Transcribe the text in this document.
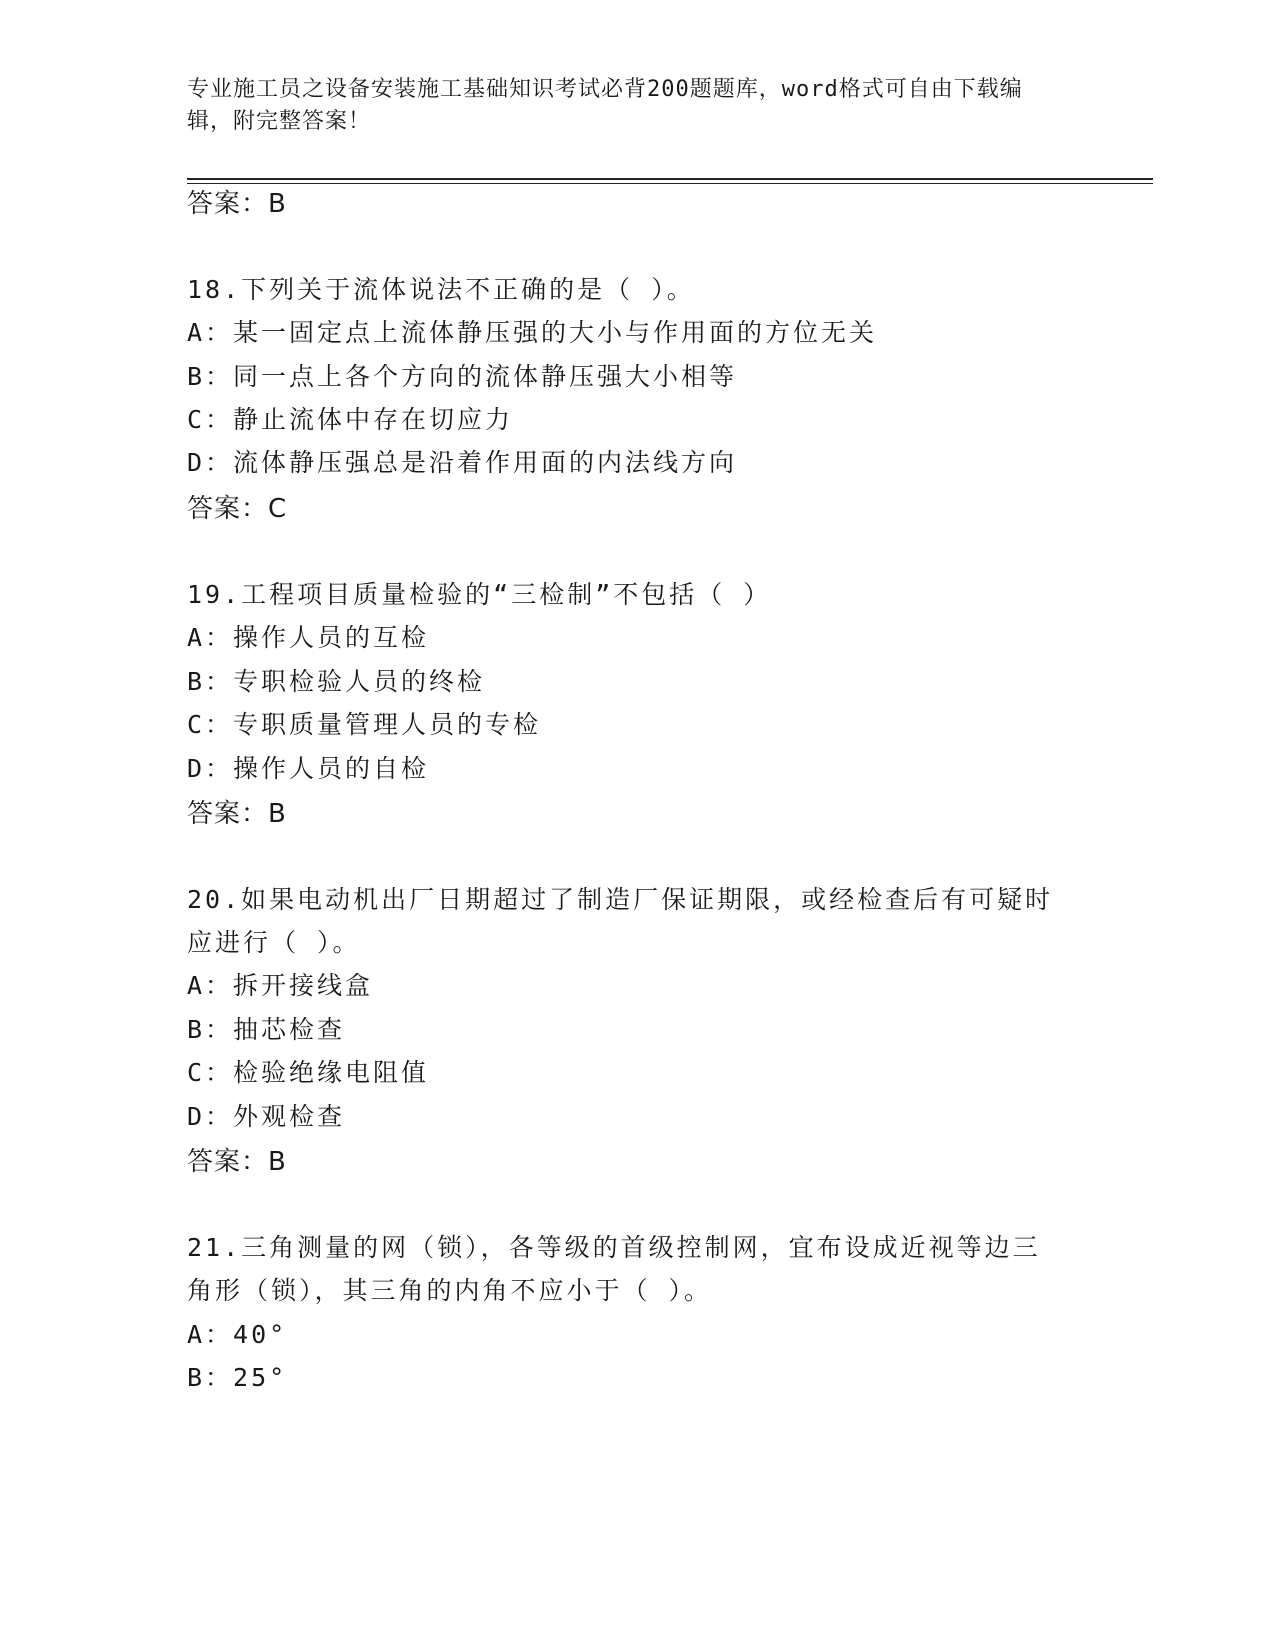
专业施工员之设备安装施工基础知识考试必背200题题库，word格式可自由下载编辑，附完整答案！
答案：B
18.下列关于流体说法不正确的是（ ）。
A：某一固定点上流体静压强的大小与作用面的方位无关
B：同一点上各个方向的流体静压强大小相等
C：静止流体中存在切应力
D：流体静压强总是沿着作用面的内法线方向
答案：C
19.工程项目质量检验的“三检制”不包括（ ）
A：操作人员的互检
B：专职检验人员的终检
C：专职质量管理人员的专检
D：操作人员的自检
答案：B
20.如果电动机出厂日期超过了制造厂保证期限，或经检查后有可疑时
应进行（ ）。
A：拆开接线盒
B：抽芯检查
C：检验绝缘电阻值
D：外观检查
答案：B
21.三角测量的网（锁），各等级的首级控制网，宜布设成近视等边三
角形（锁），其三角的内角不应小于（ ）。
A：40°
B：25°
